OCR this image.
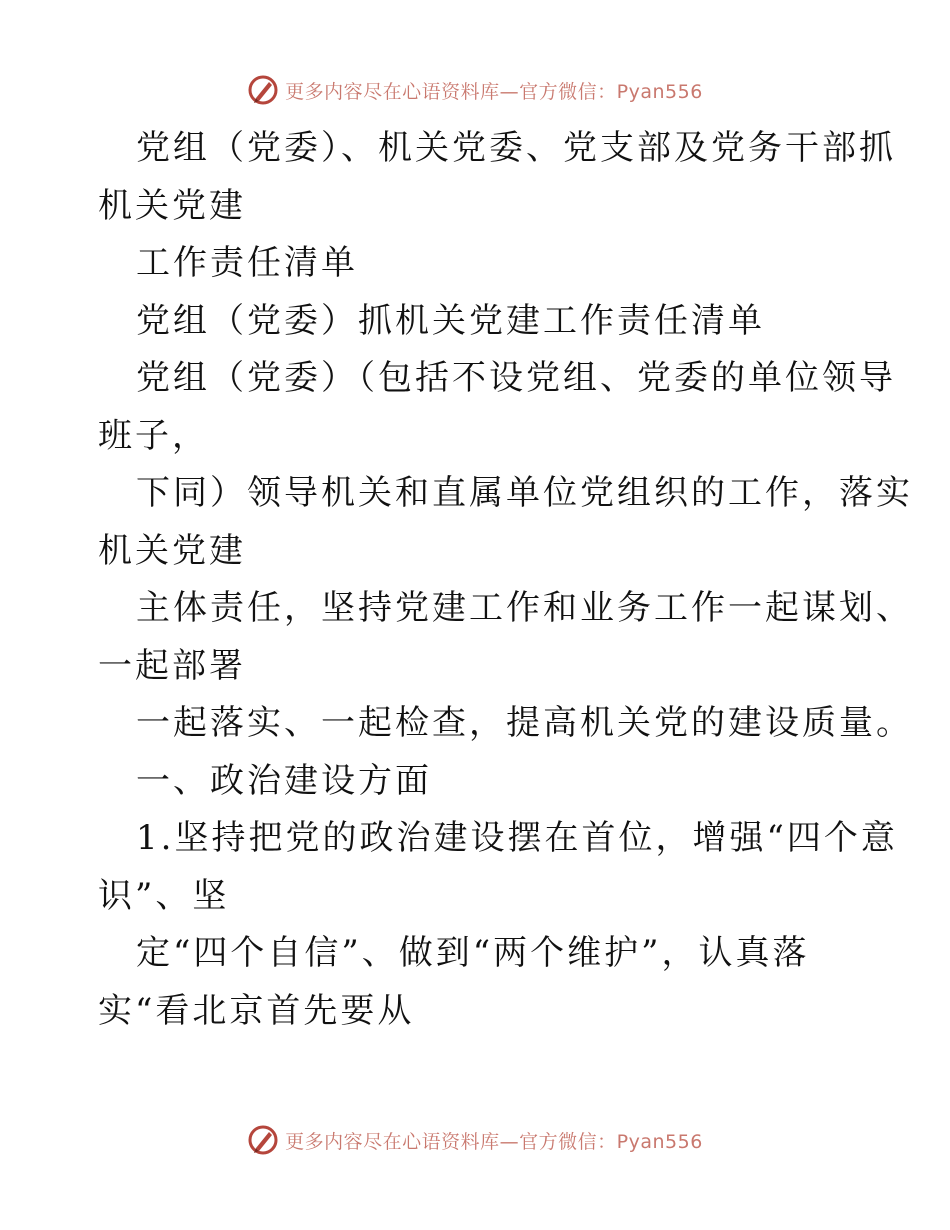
更多内容尽在心语资料库—官方微信：Pyan556
党组（党委）、机关党委、党支部及党务干部抓
机关党建
工作责任清单
党组（党委）抓机关党建工作责任清单
党组（党委）（包括不设党组、党委的单位领导
班子，
下同）领导机关和直属单位党组织的工作，落实
机关党建
主体责任，坚持党建工作和业务工作一起谋划、
一起部署
一起落实、一起检查，提高机关党的建设质量。
一、政治建设方面
1.坚持把党的政治建设摆在首位，增强“四个意
识”、坚
定“四个自信”、做到“两个维护”，认真落
实“看北京首先要从
更多内容尽在心语资料库—官方微信：Pyan556
